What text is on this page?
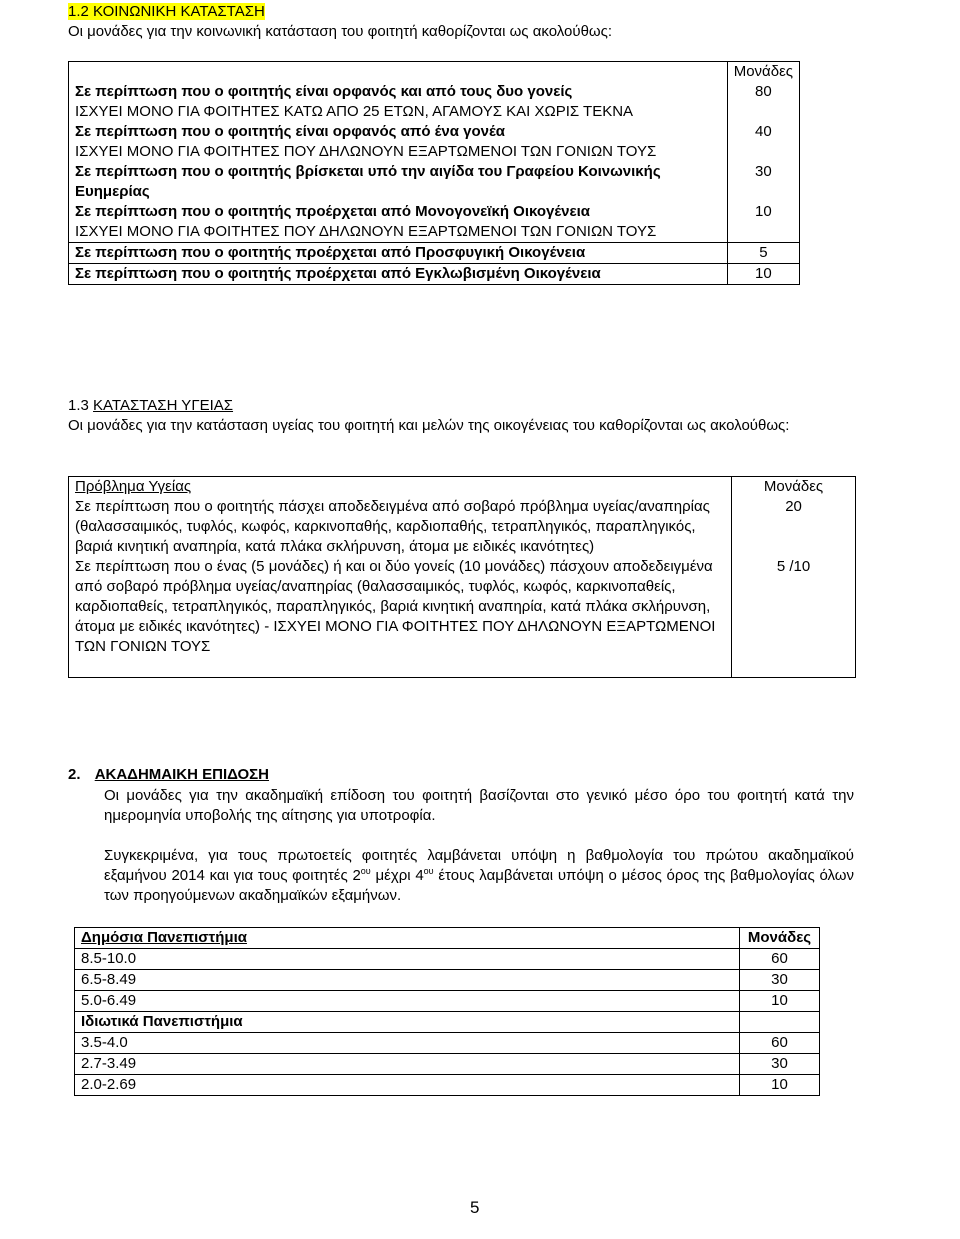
1.2 ΚΟΙΝΩΝΙΚΗ ΚΑΤΑΣΤΑΣΗ
Οι μονάδες για την κοινωνική κατάσταση του φοιτητή καθορίζονται ως ακολούθως:
	Μονάδες

Σε περίπτωση που ο φοιτητής είναι ορφανός και από τους δυο γονείς
ΙΣΧΥΕΙ ΜΟΝΟ ΓΙΑ ΦΟΙΤΗΤΕΣ ΚΑΤΩ ΑΠΟ 25 ΕΤΩΝ, ΑΓΑΜΟΥΣ ΚΑΙ ΧΩΡΙΣ ΤΕΚΝΑ	80

Σε περίπτωση που ο φοιτητής είναι ορφανός από ένα γονέα
ΙΣΧΥΕΙ ΜΟΝΟ ΓΙΑ ΦΟΙΤΗΤΕΣ ΠΟΥ ΔΗΛΩΝΟΥΝ ΕΞΑΡΤΩΜΕΝΟΙ ΤΩΝ ΓΟΝΙΩΝ ΤΟΥΣ	40

Σε περίπτωση που ο φοιτητής βρίσκεται υπό την αιγίδα του Γραφείου Κοινωνικής Ευημερίας	30

Σε περίπτωση που ο φοιτητής προέρχεται από Μονογονεϊκή Οικογένεια
ΙΣΧΥΕΙ ΜΟΝΟ ΓΙΑ ΦΟΙΤΗΤΕΣ ΠΟΥ ΔΗΛΩΝΟΥΝ ΕΞΑΡΤΩΜΕΝΟΙ ΤΩΝ ΓΟΝΙΩΝ ΤΟΥΣ	10

Σε περίπτωση που ο φοιτητής προέρχεται από Προσφυγική Οικογένεια	5

Σε περίπτωση που ο φοιτητής προέρχεται από Εγκλωβισμένη Οικογένεια	10
1.3 ΚΑΤΑΣΤΑΣΗ ΥΓΕΙΑΣ
Οι μονάδες για την κατάσταση υγείας του φοιτητή και μελών της οικογένειας του καθορίζονται ως ακολούθως:
Πρόβλημα Υγείας	Μονάδες

Σε περίπτωση που ο φοιτητής πάσχει αποδεδειγμένα από σοβαρό πρόβλημα υγείας/αναπηρίας (θαλασσαιμικός, τυφλός, κωφός, καρκινοπαθής, καρδιοπαθής, τετραπληγικός, παραπληγικός, βαριά κινητική αναπηρία, κατά πλάκα σκλήρυνση, άτομα με ειδικές ικανότητες)	20

Σε περίπτωση που ο ένας (5 μονάδες) ή και οι δύο γονείς (10 μονάδες) πάσχουν αποδεδειγμένα από σοβαρό πρόβλημα υγείας/αναπηρίας (θαλασσαιμικός, τυφλός, κωφός, καρκινοπαθείς, καρδιοπαθείς, τετραπληγικός, παραπληγικός, βαριά κινητική αναπηρία, κατά πλάκα σκλήρυνση, άτομα με ειδικές ικανότητες) - ΙΣΧΥΕΙ ΜΟΝΟ ΓΙΑ ΦΟΙΤΗΤΕΣ ΠΟΥ ΔΗΛΩΝΟΥΝ ΕΞΑΡΤΩΜΕΝΟΙ ΤΩΝ ΓΟΝΙΩΝ ΤΟΥΣ	5 /10
2. ΑΚΑΔΗΜΑΙΚΗ ΕΠΙΔΟΣΗ
Οι μονάδες για την ακαδημαϊκή επίδοση του φοιτητή βασίζονται στο γενικό μέσο όρο του φοιτητή κατά την ημερομηνία υποβολής της αίτησης για υποτροφία.
Συγκεκριμένα, για τους πρωτοετείς φοιτητές λαμβάνεται υπόψη η βαθμολογία του πρώτου ακαδημαϊκού εξαμήνου 2014 και για τους φοιτητές $2^{o\upsilon}$ μέχρι $4^{o\upsilon}$ έτους λαμβάνεται υπόψη ο μέσος όρος της βαθμολογίας όλων των προηγούμενων ακαδημαϊκών εξαμήνων.
Δημόσια Πανεπιστήμια	Μονάδες
8.5-10.0	60
6.5-8.49	30
5.0-6.49	10
Ιδιωτικά Πανεπιστήμια	
3.5-4.0	60
2.7-3.49	30
2.0-2.69	10
5
